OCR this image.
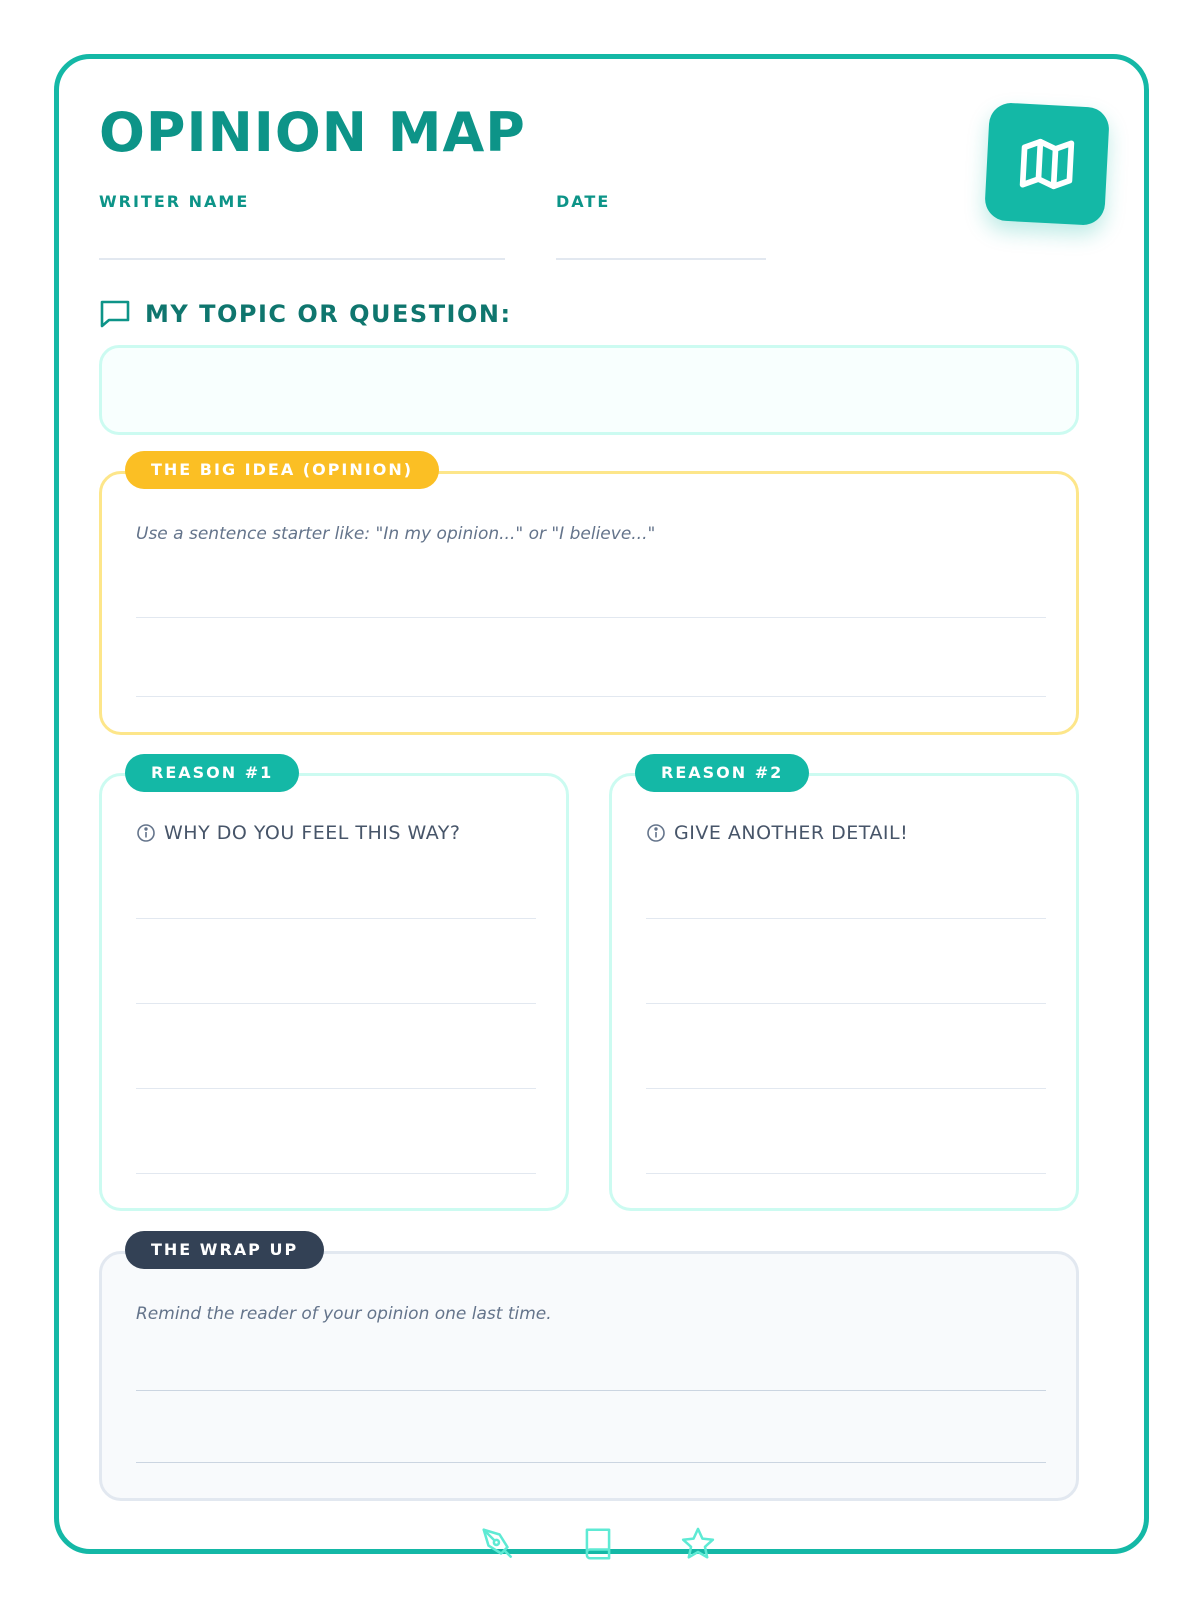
OPINION MAP
WRITER NAME	DATE
MY TOPIC OR QUESTION:
Use a sentence starter like: "In my opinion..." or "I believe..."
THE BIG IDEA (OPINION)
WHY DO YOU FEEL THIS WAY?
REASON #1
GIVE ANOTHER DETAIL!
REASON #2
Remind the reader of your opinion one last time.
THE WRAP UP
